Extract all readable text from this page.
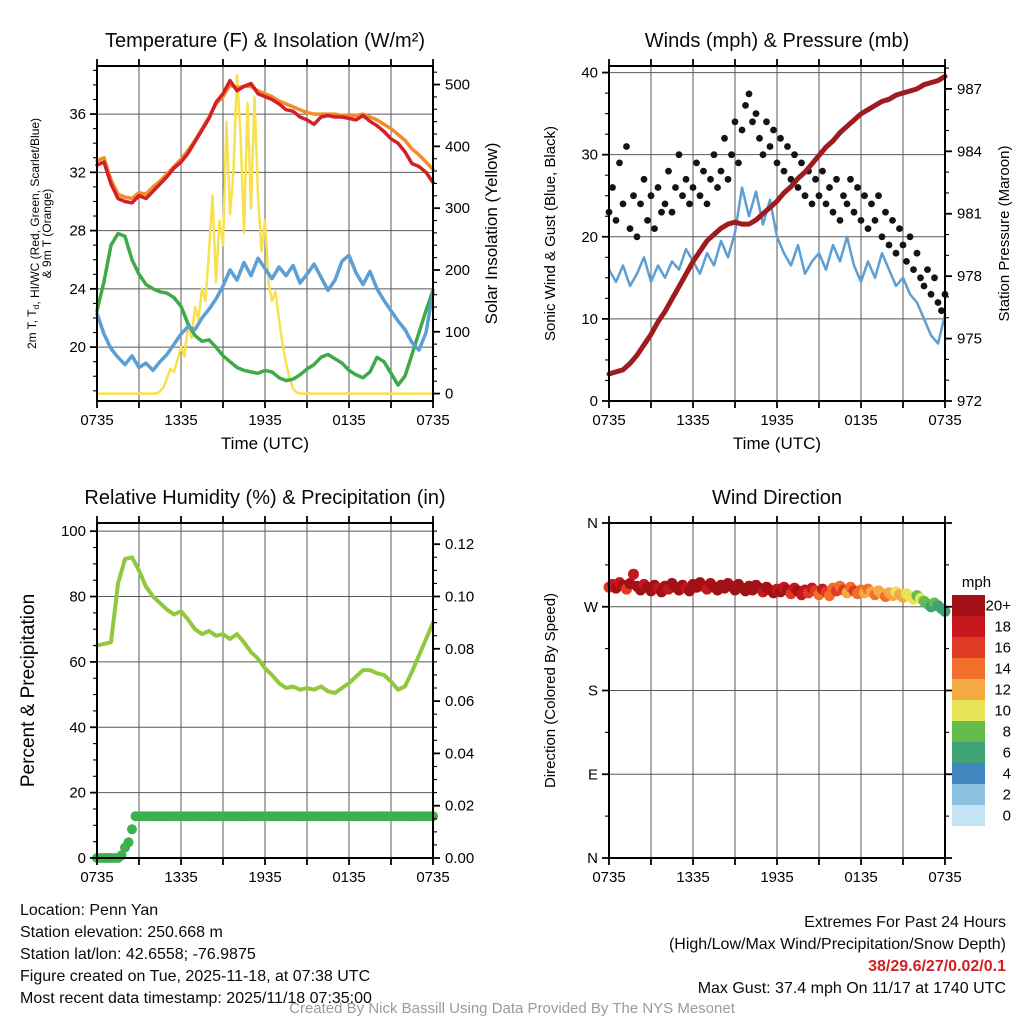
0735	1335	1935	0135	0735
Time (UTC)
20
24
28
32
36
0
100
200
300
400
500
Solar Insolation (Yellow)
2m T, $T_d$, HI/WC (Red, Green, Scarlet/Blue)
& 9m T (Orange)
Temperature (F) & Insolation (W/m²)
0735	1335	1935	0135	0735
Time (UTC)
0
10
20
30
40
972
975
978
981
984
987
Station Pressure (Maroon)
Sonic Wind & Gust (Blue, Black)
Winds (mph) & Pressure (mb)
0735	1335	1935	0135	0735
0
20
40
60
80
100
0.00
0.02
0.04
0.06
0.08
0.10
0.12
Percent & Precipitation
Relative Humidity (%) & Precipitation (in)
0735	1335	1935	0135	0735
N
W
S
E
N
Direction (Colored By Speed)
Wind Direction
mph
20+
18
16
14
12
10
8
6
4
2
0
Location: Penn Yan
Station elevation: 250.668 m
Station lat/lon: 42.6558; -76.9875
Figure created on Tue, 2025-11-18, at 07:38 UTC
Most recent data timestamp: 2025/11/18 07:35:00
Extremes For Past 24 Hours
(High/Low/Max Wind/Precipitation/Snow Depth)
38/29.6/27/0.02/0.1
Max Gust: 37.4 mph On 11/17 at 1740 UTC
Created By Nick Bassill Using Data Provided By The NYS Mesonet
